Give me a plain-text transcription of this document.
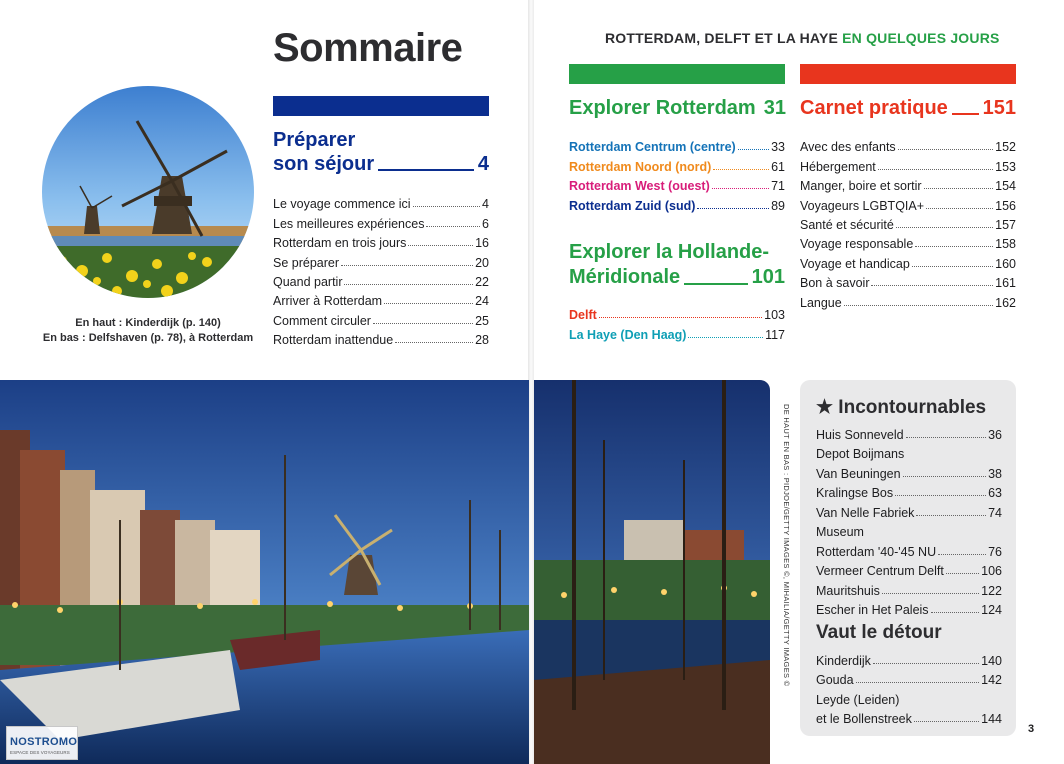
Sommaire
En haut : Kinderdijk (p. 140)
En bas : Delfshaven (p. 78), à Rotterdam
Préparer
son séjour	4
Le voyage commence ici	4
Les meilleures expériences	6
Rotterdam en trois jours	16
Se préparer	20
Quand partir	22
Arriver à Rotterdam	24
Comment circuler	25
Rotterdam inattendue	28
ROTTERDAM, DELFT ET LA HAYE EN QUELQUES JOURS
Explorer Rotterdam 31
Rotterdam Centrum (centre)	33
Rotterdam Noord (nord)	61
Rotterdam West (ouest)	71
Rotterdam Zuid (sud)	89
Explorer la Hollande-
Méridionale	101
Delft	103
La Haye (Den Haag)	117
Carnet pratique 151
Avec des enfants	152
Hébergement	153
Manger, boire et sortir	154
Voyageurs LGBTQIA+	156
Santé et sécurité	157
Voyage responsable	158
Voyage et handicap	160
Bon à savoir	161
Langue	162
DE HAUT EN BAS : PIDJOE/GETTY IMAGES ©, MIHAILIA/GETTY IMAGES © ★ Incontournables
Huis Sonneveld	36
Depot Boijmans
Van Beuningen	38
Kralingse Bos	63
Van Nelle Fabriek	74
Museum
Rotterdam '40-'45 NU	76
Vermeer Centrum Delft	106
Mauritshuis	122
Escher in Het Paleis	124
Vaut le détour
Kinderdijk	140
Gouda	142
Leyde (Leiden)
et le Bollenstreek	144
3
NOSTROMO
ESPACE DES VOYAGEURS
